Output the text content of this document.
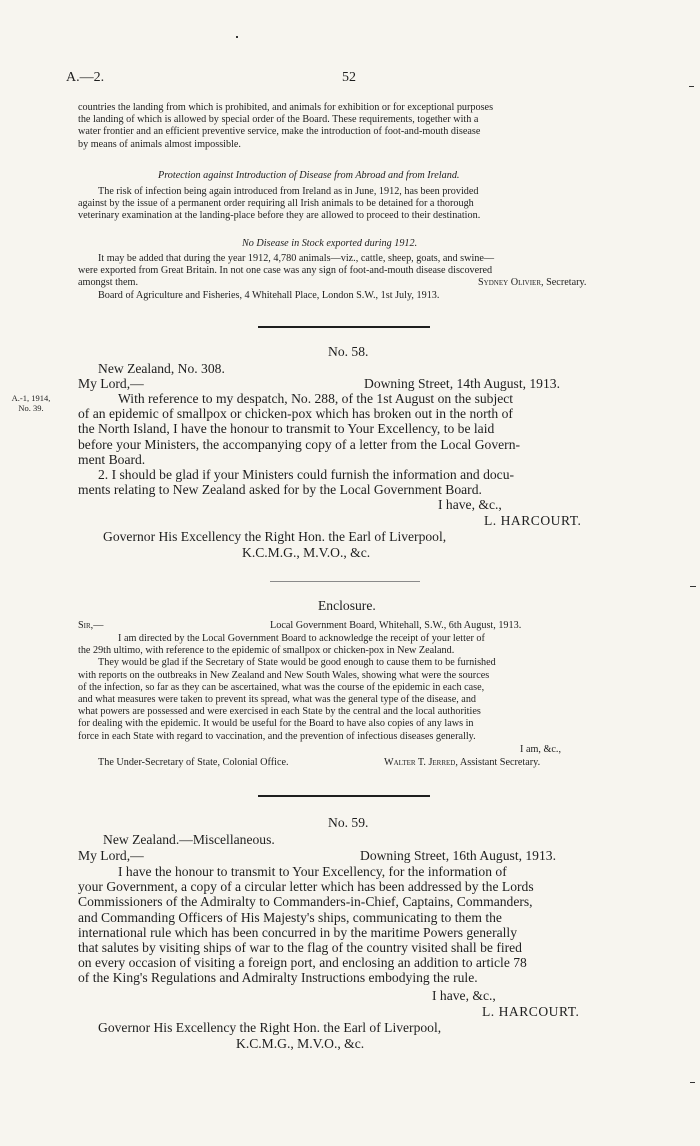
A.—2.	52

countries the landing from which is prohibited, and animals for exhibition or for exceptional purposes

the landing of which is allowed by special order of the Board. These requirements, together with a

water frontier and an efficient preventive service, make the introduction of foot-and-mouth disease

by means of animals almost impossible.

Protection against Introduction of Disease from Abroad and from Ireland.

The risk of infection being again introduced from Ireland as in June, 1912, has been provided

against by the issue of a permanent order requiring all Irish animals to be detained for a thorough

veterinary examination at the landing-place before they are allowed to proceed to their destination.

No Disease in Stock exported during 1912.

It may be added that during the year 1912, 4,780 animals—viz., cattle, sheep, goats, and swine—

were exported from Great Britain. In not one case was any sign of foot-and-mouth disease discovered

amongst them.	Sydney Olivier, Secretary.
Board of Agriculture and Fisheries, 4 Whitehall Place, London S.W., 1st July, 1913.
No. 58.
New Zealand, No. 308.
My Lord,—	Downing Street, 14th August, 1913.
A.-1, 1914,
No. 39.

With reference to my despatch, No. 288, of the 1st August on the subject

of an epidemic of smallpox or chicken-pox which has broken out in the north of

the North Island, I have the honour to transmit to Your Excellency, to be laid

before your Ministers, the accompanying copy of a letter from the Local Govern-

ment Board.

2. I should be glad if your Ministers could furnish the information and docu-

ments relating to New Zealand asked for by the Local Government Board.

I have, &c.,
L. HARCOURT.
Governor His Excellency the Right Hon. the Earl of Liverpool,
K.C.M.G., M.V.O., &c.
Enclosure.
Sir,—	Local Government Board, Whitehall, S.W., 6th August, 1913.

I am directed by the Local Government Board to acknowledge the receipt of your letter of

the 29th ultimo, with reference to the epidemic of smallpox or chicken-pox in New Zealand.

They would be glad if the Secretary of State would be good enough to cause them to be furnished

with reports on the outbreaks in New Zealand and New South Wales, showing what were the sources

of the infection, so far as they can be ascertained, what was the course of the epidemic in each case,

and what measures were taken to prevent its spread, what was the general type of the disease, and

what powers are possessed and were exercised in each State by the central and the local authorities

for dealing with the epidemic. It would be useful for the Board to have also copies of any laws in

force in each State with regard to vaccination, and the prevention of infectious diseases generally.

I am, &c.,
The Under-Secretary of State, Colonial Office.	Walter T. Jerred, Assistant Secretary.
No. 59.
New Zealand.—Miscellaneous.
My Lord,—	Downing Street, 16th August, 1913.

I have the honour to transmit to Your Excellency, for the information of

your Government, a copy of a circular letter which has been addressed by the Lords

Commissioners of the Admiralty to Commanders-in-Chief, Captains, Commanders,

and Commanding Officers of His Majesty's ships, communicating to them the

international rule which has been concurred in by the maritime Powers generally

that salutes by visiting ships of war to the flag of the country visited shall be fired

on every occasion of visiting a foreign port, and enclosing an addition to article 78

of the King's Regulations and Admiralty Instructions embodying the rule.

I have, &c.,
L. HARCOURT.
Governor His Excellency the Right Hon. the Earl of Liverpool,
K.C.M.G., M.V.O., &c.
